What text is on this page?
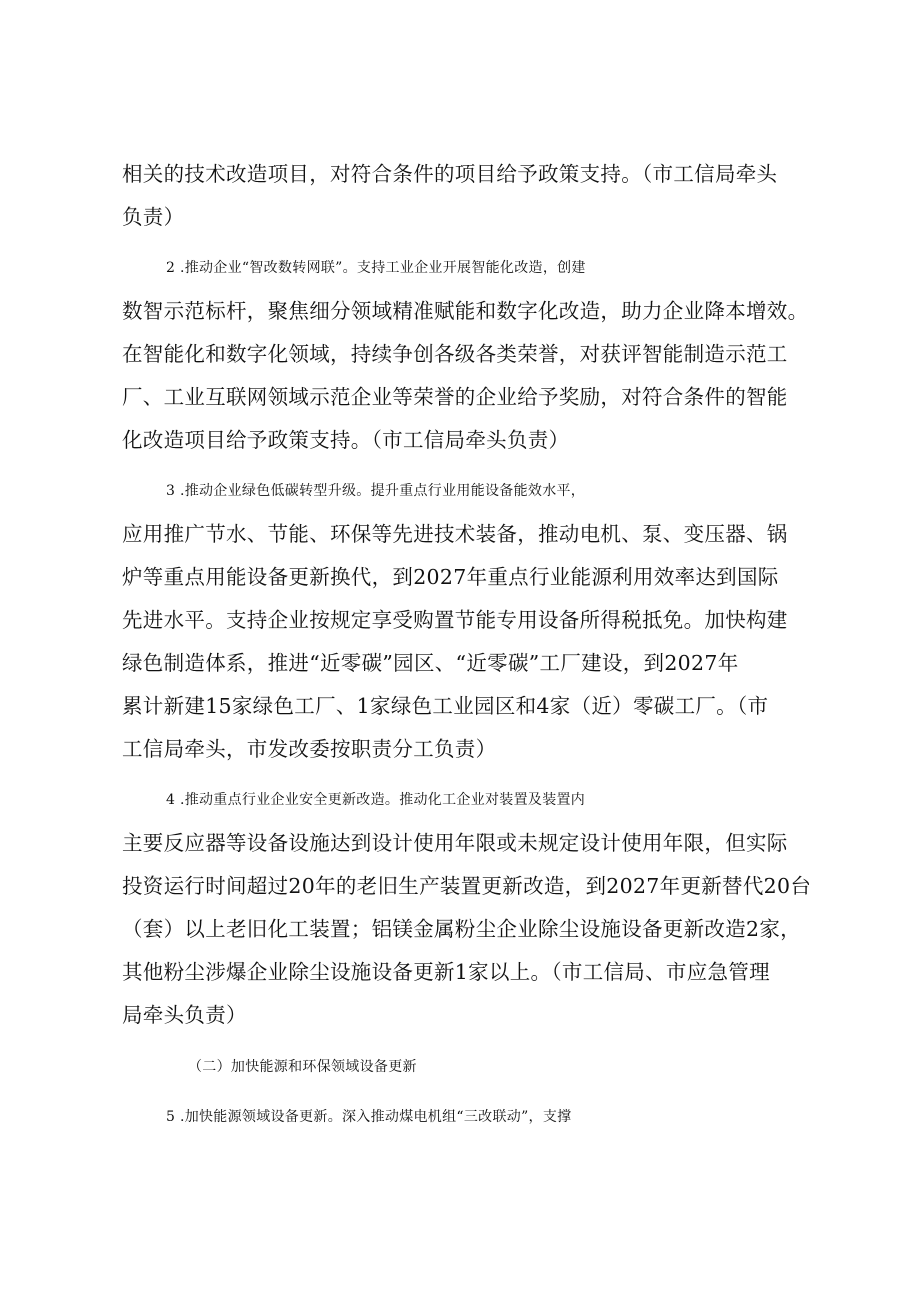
相关的技术改造项目，对符合条件的项目给予政策支持。（市工信局牵头
负责）
2 .推动企业“智改数转网联”。支持工业企业开展智能化改造，创建
数智示范标杆，聚焦细分领域精准赋能和数字化改造，助力企业降本增效。
在智能化和数字化领域，持续争创各级各类荣誉，对获评智能制造示范工
厂、工业互联网领域示范企业等荣誉的企业给予奖励，对符合条件的智能
化改造项目给予政策支持。（市工信局牵头负责）
3 .推动企业绿色低碳转型升级。提升重点行业用能设备能效水平，
应用推广节水、节能、环保等先进技术装备，推动电机、泵、变压器、锅
炉等重点用能设备更新换代，到2027年重点行业能源利用效率达到国际
先进水平。支持企业按规定享受购置节能专用设备所得税抵免。加快构建
绿色制造体系，推进“近零碳”园区、“近零碳”工厂建设，到2027年
累计新建15家绿色工厂、1家绿色工业园区和4家（近）零碳工厂。（市
工信局牵头，市发改委按职责分工负责）
4 .推动重点行业企业安全更新改造。推动化工企业对装置及装置内
主要反应器等设备设施达到设计使用年限或未规定设计使用年限，但实际
投资运行时间超过20年的老旧生产装置更新改造，到2027年更新替代20台
（套）以上老旧化工装置；铝镁金属粉尘企业除尘设施设备更新改造2家，
其他粉尘涉爆企业除尘设施设备更新1家以上。（市工信局、市应急管理
局牵头负责）
（二）加快能源和环保领域设备更新
5 .加快能源领域设备更新。深入推动煤电机组“三改联动”，支撑
